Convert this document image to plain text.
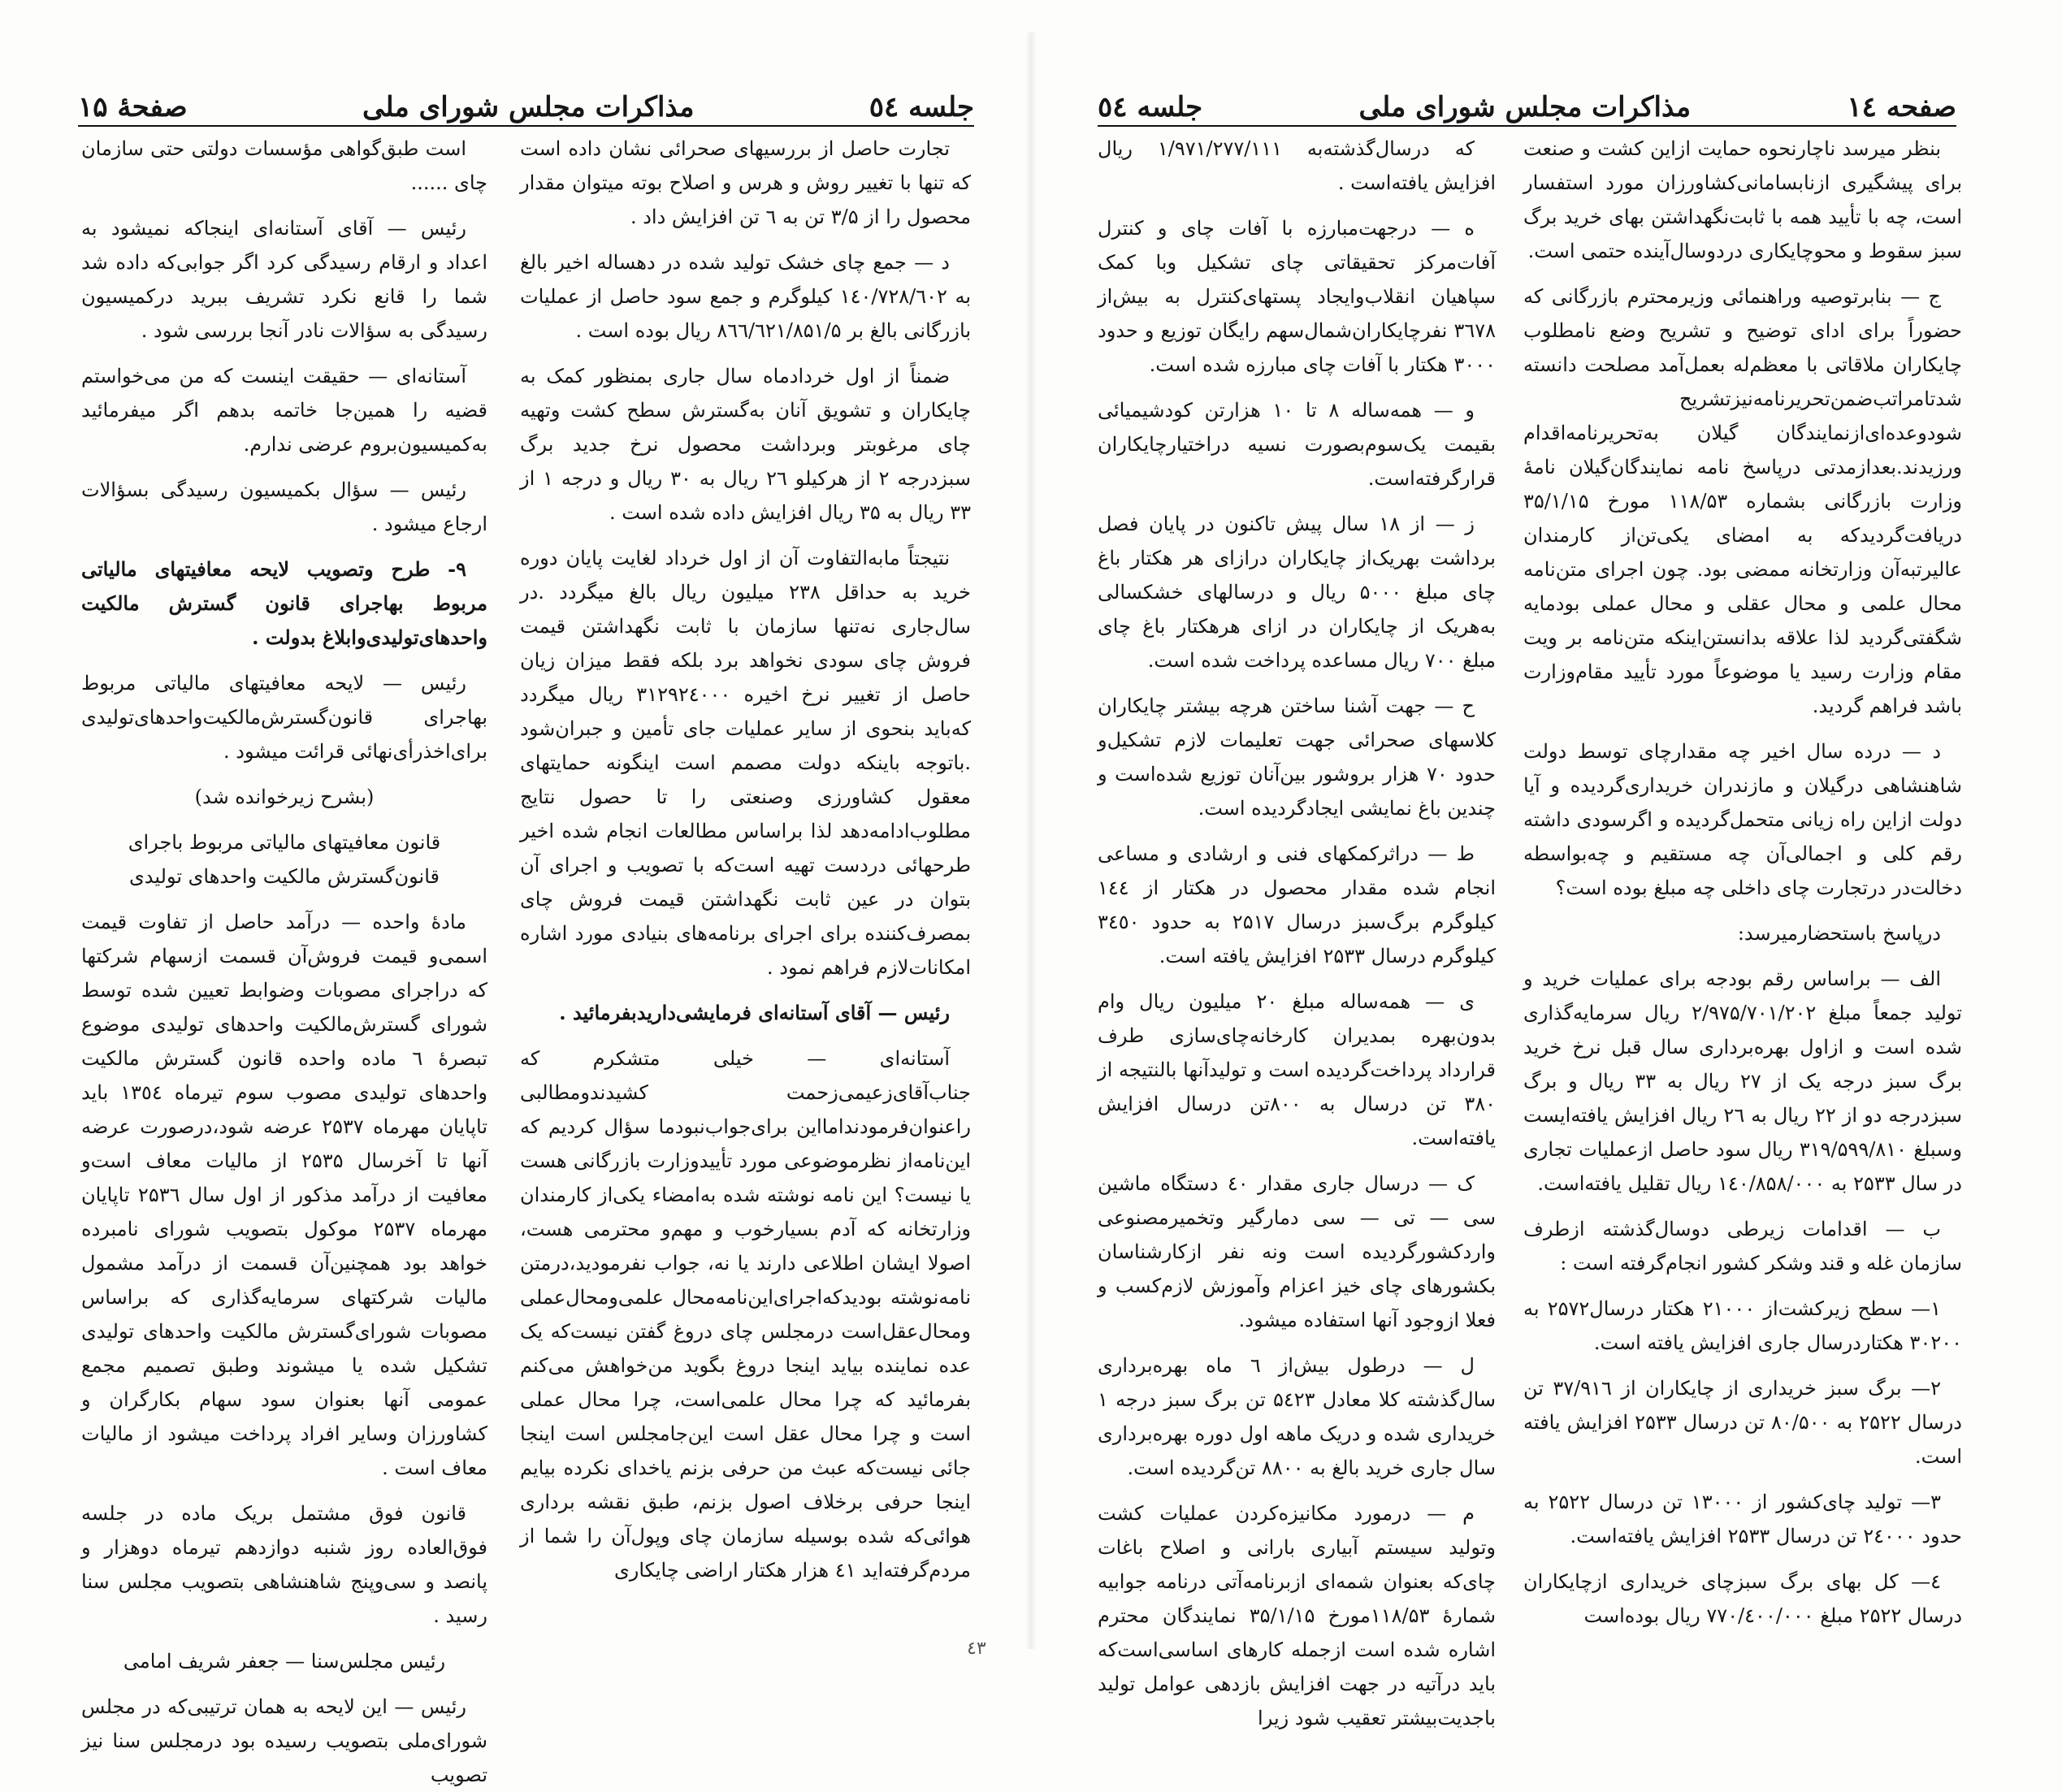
صفحهٔ ۱۵	مذاکرات مجلس شورای ملی	جلسه ٥٤

تجارت حاصل از بررسیهای صحرائی نشان داده است که تنها با تغییر روش و هرس و اصلاح بوته میتوان مقدار محصول را از ۳/۵ تن به ٦ تن افزایش داد .

د — جمع چای خشک تولید شده در دهساله اخیر بالغ به ۱٤۰/۷۲۸/٦۰۲ کیلوگرم و جمع سود حاصل از عملیات بازرگانی بالغ بر ۸٦٦/٦۲۱/۸۵۱/۵ ریال بوده است .

ضمناً از اول خردادماه سال جاری بمنظور کمک به چایکاران و تشویق آنان به‌گسترش سطح کشت وتهیه چای مرغوبتر وبرداشت محصول نرخ جدید برگ سبزدرجه ۲ از هرکیلو ۲٦ ریال به ۳۰ ریال و درجه ۱ از ۳۳ ریال به ۳۵ ریال افزایش داده شده است .

نتیجتاً مابه‌التفاوت آن از اول خرداد لغایت پایان دوره خرید به حداقل ۲۳۸ میلیون ریال بالغ میگردد .در سال‌جاری نه‌تنها سازمان با ثابت نگهداشتن قیمت فروش چای سودی نخواهد برد بلکه فقط میزان زیان حاصل از تغییر نرخ اخیره ۳۱۲۹۲٤۰۰۰ ریال میگردد که‌باید بنحوی از سایر عملیات جای تأمین و جبران‌شود .باتوجه باینکه دولت مصمم است اینگونه حمایتهای معقول کشاورزی وصنعتی را تا حصول نتایج مطلوب‌ادامه‌دهد لذا براساس مطالعات انجام شده اخیر طرحهائی دردست تهیه است‌که با تصویب و اجرای آن بتوان در عین ثابت نگهداشتن قیمت فروش چای بمصرف‌کننده برای اجرای برنامه‌های بنیادی مورد اشاره امکانات‌لازم فراهم نمود .

رئیس — آقای آستانه‌ای فرمایشی‌داریدبفرمائید .

آستانه‌ای — خیلی متشکرم که جناب‌آقای‌زعیمی‌زحمت کشیدندومطالبی راعنوان‌فرمودنداما‌این برای‌جواب‌نبود‌ما سؤال کردیم که این‌نامه‌از نظرموضوعی مورد تأییدوزارت بازرگانی هست یا نیست؟ این نامه نوشته شده به‌امضاء یکی‌از کارمندان وزارتخانه که آدم بسیارخوب و مهم‌و محترمی هست، اصولا ایشان اطلاعی دارند یا نه، جواب نفرمودید،درمتن نامه‌نوشته بودید‌که‌اجرای‌این‌نامه‌محال علمی‌ومحال‌عملی ومحال‌عقل‌است درمجلس چای دروغ گفتن نیست‌که یک عده نماینده بیاید اینجا دروغ بگوید من‌خواهش می‌کنم بفرمائید که چرا محال علمی‌است، چرا محال عملی است و چرا محال عقل است این‌جامجلس است اینجا جائی نیست‌که عبث من حرفی بزنم یاخدای نکرده بیایم اینجا حرفی برخلاف اصول بزنم، طبق نقشه برداری هوائی‌که شده بوسیله سازمان چای وپول‌آن را شما از مردم‌گرفته‌اید ٤۱ هزار هکتار اراضی چایکاری

است طبق‌گواهی مؤسسات دولتی حتی سازمان چای ......

رئیس — آقای آستانه‌ای اینجاکه نمیشود به اعداد و ارقام رسیدگی کرد اگر جوابی‌که داده شد شما را قانع نکرد تشریف ببرید درکمیسیون رسیدگی به سؤالات نادر آنجا بررسی شود .

آستانه‌ای — حقیقت اینست که من می‌خواستم قضیه را همین‌جا خاتمه بدهم اگر میفرمائید به‌کمیسیون‌بروم عرضی ندارم.

رئیس — سؤال بکمیسیون رسیدگی بسؤالات ارجاع میشود .

۹- طرح وتصویب لایحه معافیتهای مالیاتی مربوط بهاجرای قانون گسترش مالکیت واحدهای‌تولیدی‌وابلاغ بدولت .

رئیس — لایحه معافیتهای مالیاتی مربوط بهاجرای قانون‌گسترش‌مالکیت‌واحدهای‌تولیدی برای‌اخذرأی‌نهائی قرائت میشود .

(بشرح زیرخوانده شد)

قانون معافیتهای مالیاتی مربوط باجرای قانون‌گسترش مالکیت واحدهای تولیدی

مادهٔ واحده — درآمد حاصل از تفاوت قیمت اسمی‌و قیمت فروش‌آن قسمت ازسهام شرکتها که دراجرای مصوبات وضوابط تعیین شده توسط شورای گسترش‌مالکیت واحدهای تولیدی موضوع تبصرهٔ ٦ ماده واحده قانون گسترش مالکیت واحدهای تولیدی مصوب سوم تیرماه ۱۳٥٤ باید تاپایان مهرماه ۲۵۳۷ عرضه شود،درصورت عرضه آنها تا آخرسال ۲۵۳۵ از مالیات معاف است‌و معافیت از درآمد مذکور از اول سال ۲۵۳٦ تاپایان مهرماه ۲۵۳۷ موکول بتصویب شورای نامبرده خواهد بود همچنین‌آن قسمت از درآمد مشمول مالیات شرکتهای سرمایه‌گذاری که براساس مصوبات شورای‌گسترش مالکیت واحدهای تولیدی تشکیل شده یا میشوند وطبق تصمیم مجمع عمومی آنها بعنوان سود سهام بکارگران و کشاورزان وسایر افراد پرداخت میشود از مالیات معاف است .

قانون فوق مشتمل بریک ماده در جلسه فوق‌العاده روز شنبه دوازدهم تیرماه دوهزار و پانصد و سی‌وپنج شاهنشاهی بتصویب مجلس سنا رسید .

رئیس مجلس‌سنا — جعفر شریف امامی

رئیس — این لایحه به همان ترتیبی‌که در مجلس شورای‌ملی بتصویب رسیده بود درمجلس سنا نیز تصویب

جلسه ٥٤	مذاکرات مجلس شورای ملی	صفحه ۱٤

بنظر میرسد ناچارنحوه حمایت ازاین کشت و صنعت برای پیشگیری ازنابسامانی‌کشاورزان مورد استفسار است، چه با تأیید همه با ثابت‌نگهداشتن بهای خرید برگ سبز سقوط و محوچایکاری دردوسال‌آینده حتمی است.

ج — بنابرتوصیه وراهنمائی وزیرمحترم بازرگانی که حضوراً برای ادای توضیح و تشریح وضع نامطلوب چایکاران ملاقاتی با معظم‌له بعمل‌آمد مصلحت دانسته شدتامراتب‌ضمن‌تحریرنامه‌نیزتشریح شود‌وعده‌ای‌ازنمایندگان گیلان به‌تحریرنامه‌اقدام ورزیدند.بعدازمدتی درپاسخ نامه نمایندگان‌گیلان نامهٔ وزارت بازرگانی بشماره ۱۱۸/۵۳ مورخ ۳۵/۱/۱۵ دریافت‌گردیدکه به امضای یکی‌تن‌از کارمندان عالیرتبه‌آن وزارتخانه ممضی بود. چون اجرای متن‌نامه محال علمی و محال عقلی و محال عملی بودمایه شگفتی‌گردید لذا علاقه بدانستن‌اینکه متن‌نامه بر ویت مقام وزارت رسید یا موضوعاً مورد تأیید مقام‌وزارت باشد فراهم گردید.

د — درده سال اخیر چه مقدارچای توسط دولت شاهنشاهی درگیلان و مازندران خریداری‌گردیده و آیا دولت ازاین راه زیانی متحمل‌گردیده و اگرسودی داشته رقم کلی و اجمالی‌آن چه مستقیم و چه‌بواسطه دخالت‌در درتجارت چای داخلی چه مبلغ بوده است؟

درپاسخ باستحضارمیرسد:

الف — براساس رقم بودجه برای عملیات خرید و تولید جمعاً مبلغ ۲/۹۷۵/۷۰۱/۲۰۲ ریال سرمایه‌گذاری شده است و ازاول بهره‌برداری سال قبل نرخ خرید برگ سبز درجه یک از ۲۷ ریال به ۳۳ ریال و برگ سبزدرجه دو از ۲۲ ریال به ۲٦ ریال افزایش یافته‌ایست وسبلغ ۳۱۹/۵۹۹/۸۱۰ ریال سود حاصل ازعملیات تجاری در سال ۲۵۳۳ به ۱٤۰/۸۵۸/۰۰۰ ریال تقلیل یافته‌است.

ب — اقدامات زیرطی دوسال‌گذشته ازطرف سازمان غله و قند وشکر کشور انجام‌گرفته است :

۱— سطح زیرکشت‌از ۲۱۰۰۰ هکتار درسال۲۵۷۲ به ۳۰۲۰۰ هکتاردرسال جاری افزایش یافته است.

۲— برگ سبز خریداری از چایکاران از ۳۷/۹۱٦ تن درسال ۲۵۲۲ به ۸۰/۵۰۰ تن درسال ۲۵۳۳ افزایش یافته است.

۳— تولید چای‌کشور از ۱۳۰۰۰ تن درسال ۲۵۲۲ به حدود ۲٤۰۰۰ تن درسال ۲۵۳۳ افزایش یافته‌است.

٤— کل بهای برگ سبزچای خریداری ازچایکاران درسال ۲۵۲۲ مبلغ ۷۷۰/٤۰۰/۰۰۰ ریال بوده‌است

که درسال‌گذشته‌به ۱/۹۷۱/۲۷۷/۱۱۱ ریال افزایش یافته‌است .

ه — درجهت‌مبارزه با آفات چای و کنترل آفات‌مرکز تحقیقاتی چای تشکیل وبا کمک سپاهیان انقلاب‌وایجاد پستهای‌کنترل به بیش‌از ۳٦۷۸ نفرچایکاران‌شمال‌سهم رایگان توزیع و حدود ۳۰۰۰ هکتار با آفات چای مبارزه شده است.

و — همه‌ساله ۸ تا ۱۰ هزارتن کودشیمیائی بقیمت یک‌سوم‌بصورت نسیه دراختیارچایکاران قرارگرفته‌است.

ز — از ۱۸ سال پیش تاکنون در پایان فصل برداشت بهریک‌از چایکاران درازای هر هکتار باغ چای مبلغ ۵۰۰۰ ریال و درسالهای خشکسالی به‌هریک از چایکاران در ازای هرهکتار باغ چای مبلغ ۷۰۰ ریال مساعده پرداخت شده است.

ح — جهت آشنا ساختن هرچه بیشتر چایکاران کلاسهای صحرائی جهت تعلیمات لازم تشکیل‌و حدود ۷۰ هزار بروشور بین‌آنان توزیع شده‌است و چندین باغ نمایشی ایجادگردیده است.

ط — دراثرکمکهای فنی و ارشادی و مساعی انجام شده مقدار محصول در هکتار از ۱٤٤ کیلوگرم برگ‌سبز درسال ۲۵۱۷ به حدود ۳٤٥۰ کیلوگرم درسال ۲۵۳۳ افزایش یافته است.

ی — همه‌ساله مبلغ ۲۰ میلیون ریال وام بدون‌بهره بمدیران کارخانه‌چای‌سازی طرف قرارداد پرداخت‌گردیده است و تولیدآنها بالنتیجه از ۳۸۰ تن درسال به ۸۰۰تن درسال افزایش یافته‌است.

ک — درسال جاری مقدار ٤۰ دستگاه ماشین سی — تی — سی دمارگیر وتخمیرمصنوعی وارد‌کشورگردیده است ونه نفر ازکارشناسان بکشورهای چای خیز اعزام وآموزش لازم‌کسب و فعلا ازوجود آنها استفاده میشود.

ل — درطول بیش‌از ٦ ماه بهره‌برداری سال‌گذشته کلا معادل ۵٤۲۳ تن برگ سبز درجه ۱ خریداری شده و دریک ماهه اول دوره بهره‌برداری سال جاری خرید بالغ به ۸۸۰۰ تن‌گردیده است.

م — درمورد مکانیزه‌کردن عملیات کشت وتولید سیستم آبیاری بارانی و اصلاح باغات چای‌که بعنوان شمه‌ای ازبرنامه‌آتی درنامه جوابیه شمارهٔ ۱۱۸/۵۳مورخ ۳۵/۱/۱۵ نمایندگان محترم اشاره شده است ازجمله کارهای اساسی‌است‌که باید درآتیه در جهت افزایش بازدهی عوامل تولید باجدیت‌بیشتر تعقیب شود زیرا

٤٣
